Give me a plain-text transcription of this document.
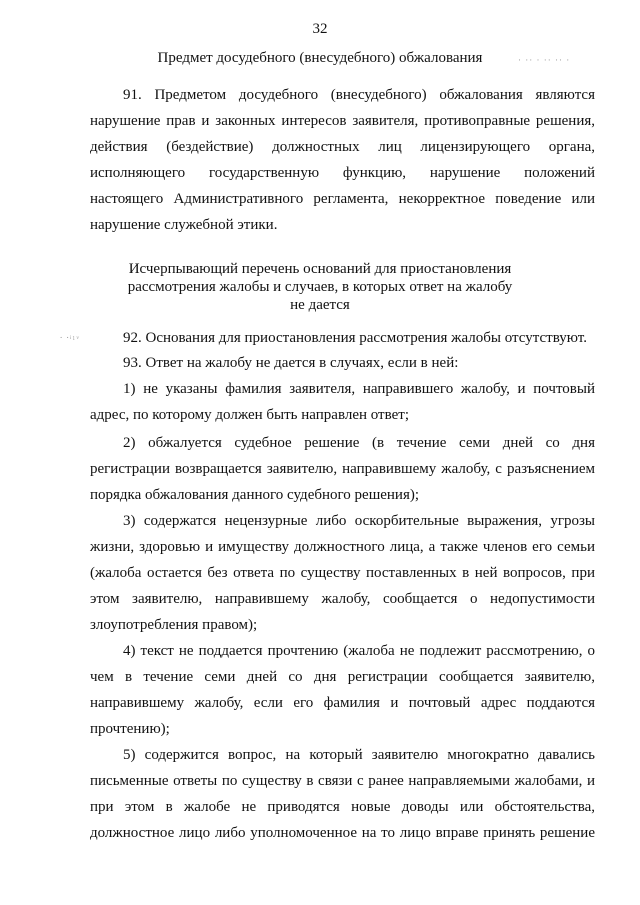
32
Предмет досудебного (внесудебного) обжалования	· ·· · ·· ·· ·
91. Предметом досудебного (внесудебного) обжалования являются
нарушение прав и законных интересов заявителя, противоправные решения,
действия (бездействие) должностных лиц лицензирующего органа,
исполняющего государственную функцию, нарушение положений
настоящего Административного регламента, некорректное поведение или
нарушение служебной этики.
Исчерпывающий перечень оснований для приостановления
рассмотрения жалобы и случаев, в которых ответ на жалобу
не дается
. .ᵢ₁ᵥ	92. Основания для приостановления рассмотрения жалобы отсутствуют.
93. Ответ на жалобу не дается в случаях, если в ней:
1) не указаны фамилия заявителя, направившего жалобу, и почтовый
адрес, по которому должен быть направлен ответ;
2) обжалуется судебное решение (в течение семи дней со дня
регистрации возвращается заявителю, направившему жалобу, с разъяснением
порядка обжалования данного судебного решения);
3) содержатся нецензурные либо оскорбительные выражения, угрозы
жизни, здоровью и имуществу должностного лица, а также членов его семьи
(жалоба остается без ответа по существу поставленных в ней вопросов, при
этом заявителю, направившему жалобу, сообщается о недопустимости
злоупотребления правом);
4) текст не поддается прочтению (жалоба не подлежит рассмотрению, о
чем в течение семи дней со дня регистрации сообщается заявителю,
направившему жалобу, если его фамилия и почтовый адрес поддаются
прочтению);
5) содержится вопрос, на который заявителю многократно давались
письменные ответы по существу в связи с ранее направляемыми жалобами, и
при этом в жалобе не приводятся новые доводы или обстоятельства,
должностное лицо либо уполномоченное на то лицо вправе принять решение
